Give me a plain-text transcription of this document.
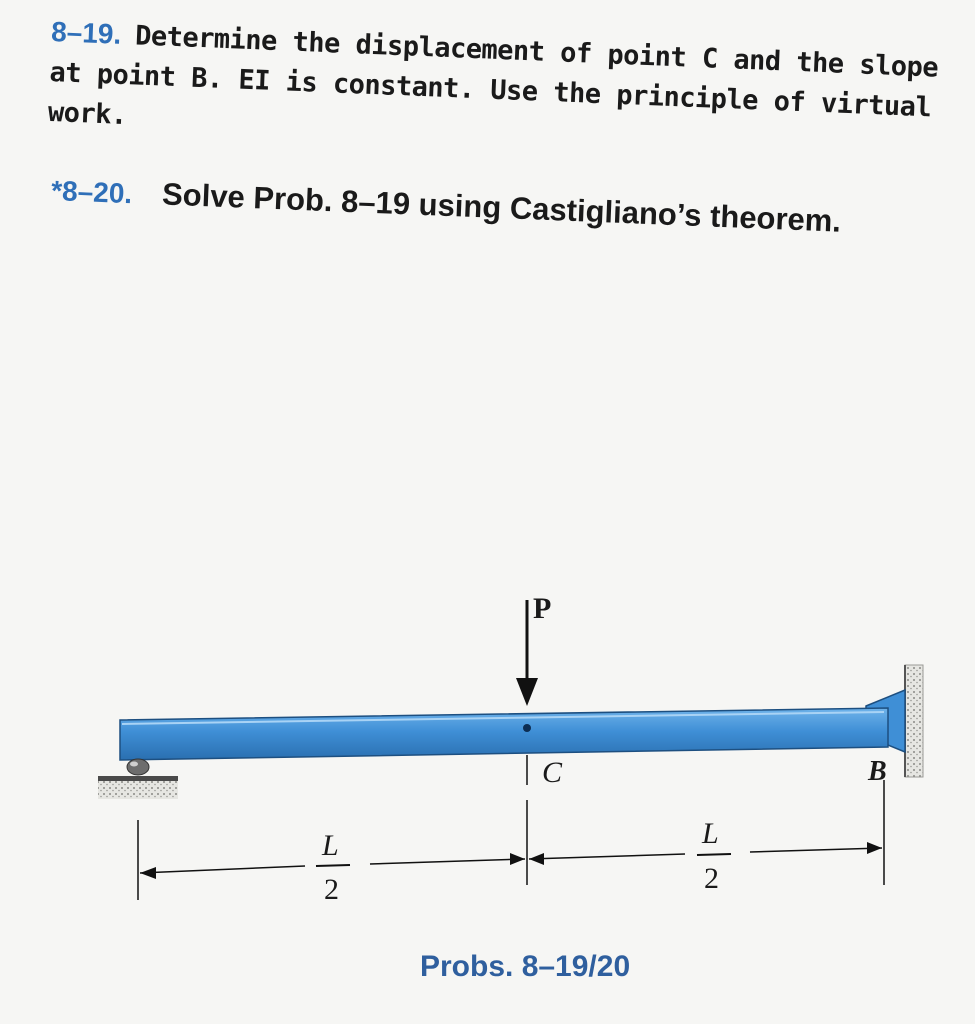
8–19. Determine the displacement of point C and the slope at point B. EI is constant. Use the principle of virtual work.
*8–20. Solve Prob. 8–19 using Castigliano’s theorem.
P
C	B
L
2
L
2
Probs. 8–19/20
